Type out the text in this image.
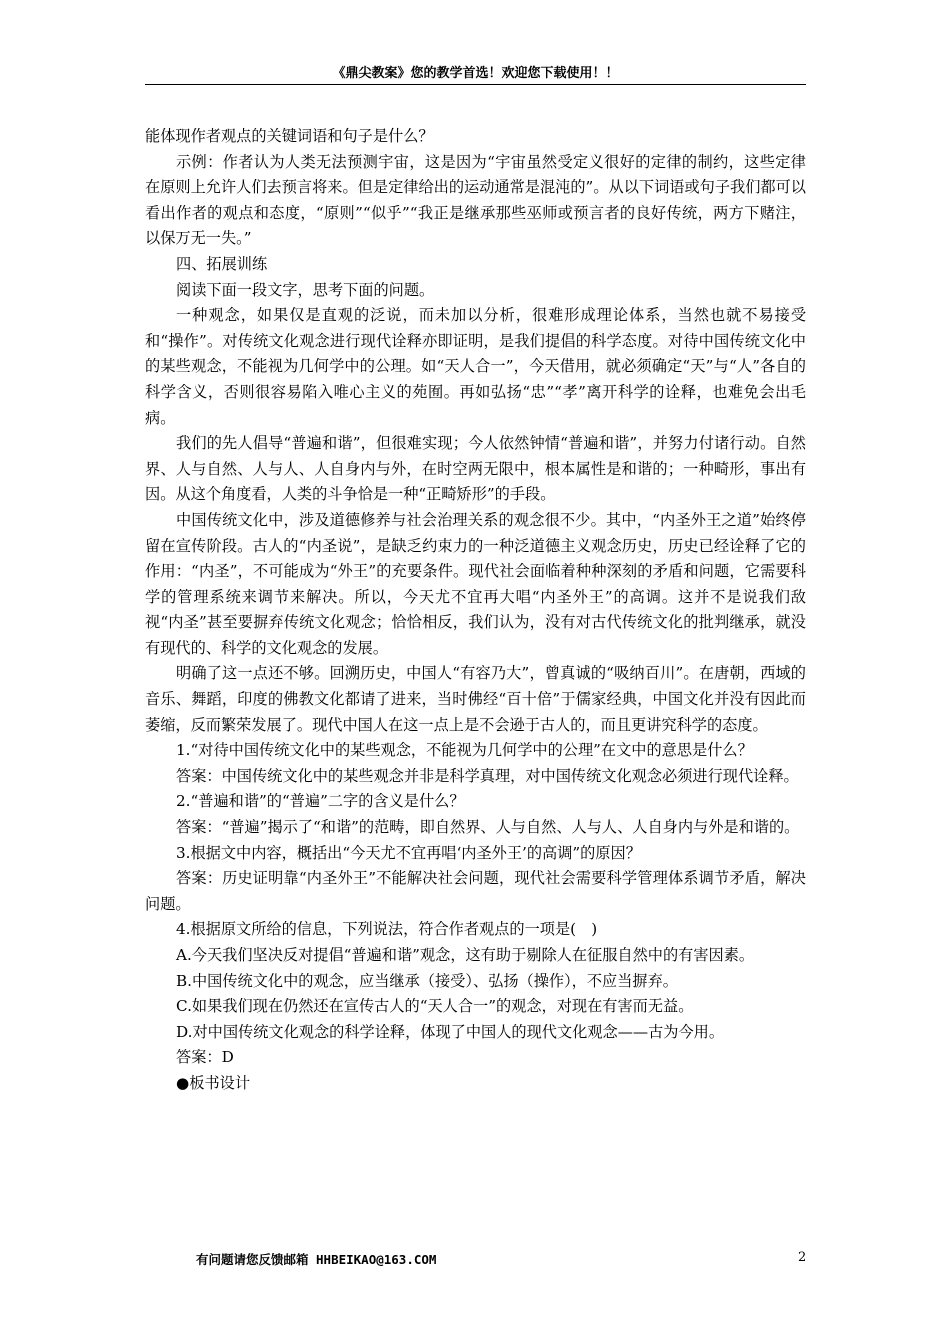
《鼎尖教案》您的教学首选！欢迎您下载使用！！

能体现作者观点的关键词语和句子是什么？

示例：作者认为人类无法预测宇宙，这是因为“宇宙虽然受定义很好的定律的制约，这些定律在原则上允许人们去预言将来。但是定律给出的运动通常是混沌的”。从以下词语或句子我们都可以看出作者的观点和态度，“原则”“似乎”“我正是继承那些巫师或预言者的良好传统，两方下赌注，以保万无一失。”

四、拓展训练

阅读下面一段文字，思考下面的问题。

一种观念，如果仅是直观的泛说，而未加以分析，很难形成理论体系，当然也就不易接受和“操作”。对传统文化观念进行现代诠释亦即证明，是我们提倡的科学态度。对待中国传统文化中的某些观念，不能视为几何学中的公理。如“天人合一”，今天借用，就必须确定“天”与“人”各自的科学含义，否则很容易陷入唯心主义的苑囿。再如弘扬“忠”“孝”离开科学的诠释，也难免会出毛病。

我们的先人倡导“普遍和谐”，但很难实现；今人依然钟情“普遍和谐”，并努力付诸行动。自然界、人与自然、人与人、人自身内与外，在时空两无限中，根本属性是和谐的；一种畸形，事出有因。从这个角度看，人类的斗争恰是一种“正畸矫形”的手段。

中国传统文化中，涉及道德修养与社会治理关系的观念很不少。其中，“内圣外王之道”始终停留在宣传阶段。古人的“内圣说”，是缺乏约束力的一种泛道德主义观念历史，历史已经诠释了它的作用：“内圣”，不可能成为“外王”的充要条件。现代社会面临着种种深刻的矛盾和问题，它需要科学的管理系统来调节来解决。所以，今天尤不宜再大唱“内圣外王”的高调。这并不是说我们敌视“内圣”甚至要摒弃传统文化观念；恰恰相反，我们认为，没有对古代传统文化的批判继承，就没有现代的、科学的文化观念的发展。

明确了这一点还不够。回溯历史，中国人“有容乃大”，曾真诚的“吸纳百川”。在唐朝，西域的音乐、舞蹈，印度的佛教文化都请了进来，当时佛经“百十倍”于儒家经典，中国文化并没有因此而萎缩，反而繁荣发展了。现代中国人在这一点上是不会逊于古人的，而且更讲究科学的态度。

1.“对待中国传统文化中的某些观念，不能视为几何学中的公理”在文中的意思是什么？

答案：中国传统文化中的某些观念并非是科学真理，对中国传统文化观念必须进行现代诠释。

2.“普遍和谐”的“普遍”二字的含义是什么？

答案：“普遍”揭示了“和谐”的范畴，即自然界、人与自然、人与人、人自身内与外是和谐的。

3.根据文中内容，概括出“今天尤不宜再唱‘内圣外王’的高调”的原因？

答案：历史证明靠“内圣外王”不能解决社会问题，现代社会需要科学管理体系调节矛盾，解决问题。

4.根据原文所给的信息，下列说法，符合作者观点的一项是(　)

A.今天我们坚决反对提倡“普遍和谐”观念，这有助于剔除人在征服自然中的有害因素。

B.中国传统文化中的观念，应当继承（接受）、弘扬（操作），不应当摒弃。

C.如果我们现在仍然还在宣传古人的“天人合一”的观念，对现在有害而无益。

D.对中国传统文化观念的科学诠释，体现了中国人的现代文化观念——古为今用。

答案：D

●板书设计

有问题请您反馈邮箱 HHBEIKAO@163.COM	2
